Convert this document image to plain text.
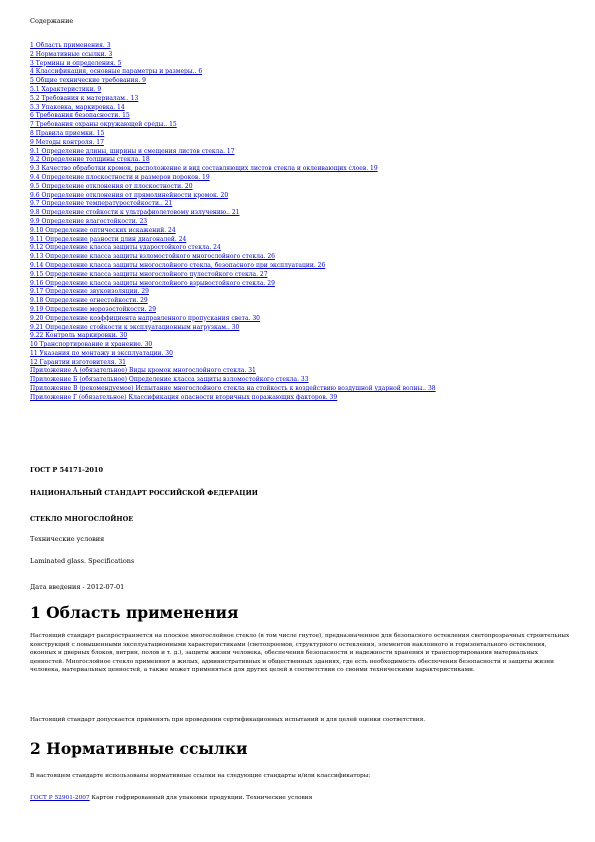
Содержание
1 Область применения. 3
2 Нормативные ссылки. 3
3 Термины и определения. 5
4 Классификация, основные параметры и размеры.. 6
5 Общие технические требования. 9
5.1 Характеристики. 9
5.2 Требования к материалам.. 13
5.3 Упаковка, маркировка. 14
6 Требования безопасности. 15
7 Требования охраны окружающей среды.. 15
8 Правила приемки. 15
9 Методы контроля. 17
9.1 Определение длины, ширины и смещения листов стекла. 17
9.2 Определение толщины стекла. 18
9.3 Качество обработки кромок, расположение и вид составляющих листов стекла и оклеивающих слоев. 19
9.4 Определение плоскостности и размеров пороков. 19
9.5 Определение отклонения от плоскостности. 20
9.6 Определение отклонения от прямолинейности кромок. 20
9.7 Определение температуростойкости.. 21
9.8 Определение стойкости к ультрафиолетовому излучению.. 21
9.9 Определение влагостойкости. 23
9.10 Определение оптических искажений. 24
9.11 Определение разности длин диагоналей. 24
9.12 Определение класса защиты ударостойкого стекла. 24
9.13 Определение класса защиты взломостойкого многослойного стекла. 26
9.14 Определение класса защиты многослойного стекла, безопасного при эксплуатации. 26
9.15 Определение класса защиты многослойного пулестойкого стекла. 27
9.16 Определение класса защиты многослойного взрывостойкого стекла. 29
9.17 Определение звукоизоляции. 29
9.18 Определение огнестойкости. 29
9.19 Определение морозостойкости. 29
9.20 Определение коэффициента направленного пропускания света. 30
9.21 Определение стойкости к эксплуатационным нагрузкам.. 30
9.22 Контроль маркировки. 30
10 Транспортирование и хранение. 30
11 Указания по монтажу и эксплуатации. 30
12 Гарантии изготовителя. 31
Приложение А (обязательное) Виды кромок многослойного стекла. 31
Приложение Б (обязательное) Определение класса защиты взломостойкого стекла. 33
Приложение В (рекомендуемое) Испытание многослойного стекла на стойкость к воздействию воздушной ударной волны.. 38
Приложение Г (обязательное) Классификация опасности вторичных поражающих факторов. 39
ГОСТ Р 54171-2010
НАЦИОНАЛЬНЫЙ СТАНДАРТ РОССИЙСКОЙ ФЕДЕРАЦИИ
СТЕКЛО МНОГОСЛОЙНОЕ
Технические условия
Laminated glass. Specifications
Дата введения - 2012-07-01
1 Область применения

Настоящий стандарт распространяется на плоское многослойное стекло (в том числе гнутое), предназначенное для безопасного остекления светопрозрачных строительных конструкций с повышенными эксплуатационными характеристиками (светопроемов, структурного остекления, элементов наклонного и горизонтального остекления, оконных и дверных блоков, витрин, полов и т. д.), защиты жизни человека, обеспечения безопасности и надежности хранения и транспортирования материальных ценностей. Многослойное стекло применяют в жилых, административных и общественных зданиях, где есть необходимость обеспечения безопасности и защиты жизни человека, материальных ценностей, а также может применяться для других целей в соответствии со своими техническими характеристиками.

Настоящий стандарт допускается применять при проведении сертификационных испытаний и для целей оценки соответствия.

2 Нормативные ссылки

В настоящем стандарте использованы нормативные ссылки на следующие стандарты и/или классификаторы:

ГОСТ Р 52901-2007 Картон гофрированный для упаковки продукции. Технические условия
